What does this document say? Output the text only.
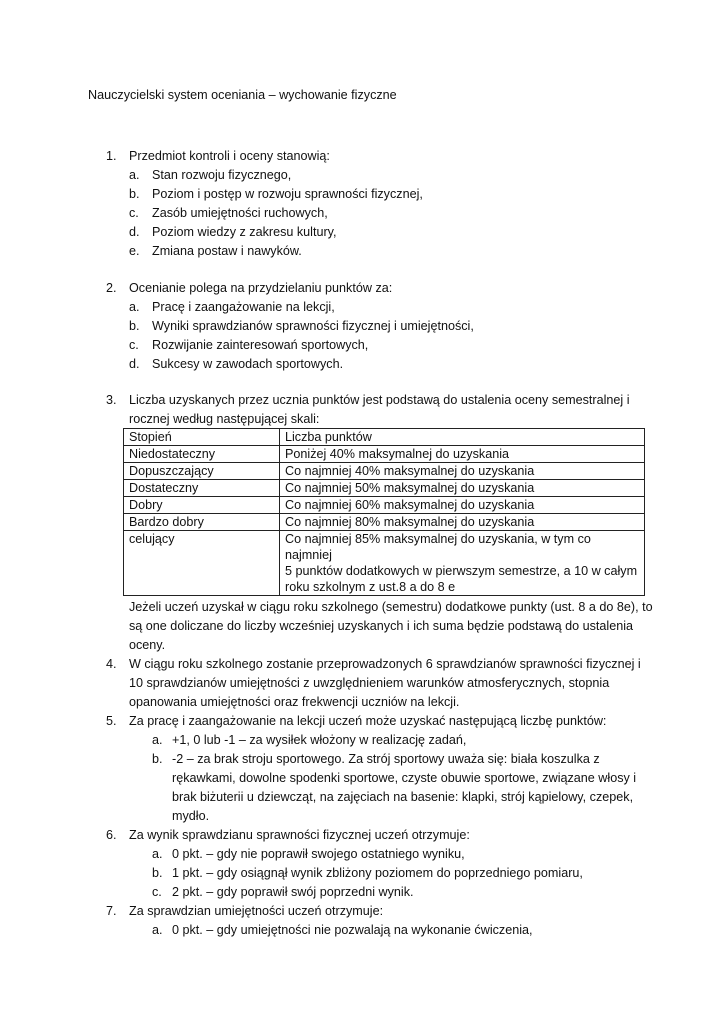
Nauczycielski system oceniania – wychowanie fizyczne
1. Przedmiot kontroli i oceny stanowią:
a. Stan rozwoju fizycznego,
b. Poziom i postęp w rozwoju sprawności fizycznej,
c. Zasób umiejętności ruchowych,
d. Poziom wiedzy z zakresu kultury,
e. Zmiana postaw i nawyków.
2. Ocenianie polega na przydzielaniu punktów za:
a. Pracę i zaangażowanie na lekcji,
b. Wyniki sprawdzianów sprawności fizycznej i umiejętności,
c. Rozwijanie zainteresowań sportowych,
d. Sukcesy w zawodach sportowych.
3. Liczba uzyskanych przez ucznia punktów jest podstawą do ustalenia oceny semestralnej i
rocznej według następującej skali:
Stopień	Liczba punktów
Niedostateczny	Poniżej 40% maksymalnej do uzyskania
Dopuszczający	Co najmniej 40% maksymalnej do uzyskania
Dostateczny	Co najmniej 50% maksymalnej do uzyskania
Dobry	Co najmniej 60% maksymalnej do uzyskania
Bardzo dobry	Co najmniej 80% maksymalnej do uzyskania
celujący	Co najmniej 85% maksymalnej do uzyskania, w tym co najmniej
5 punktów dodatkowych w pierwszym semestrze, a 10 w całym
roku szkolnym z ust.8 a do 8 e
Jeżeli uczeń uzyskał w ciągu roku szkolnego (semestru) dodatkowe punkty (ust. 8 a do 8e), to
są one doliczane do liczby wcześniej uzyskanych i ich suma będzie podstawą do ustalenia
oceny.
4. W ciągu roku szkolnego zostanie przeprowadzonych 6 sprawdzianów sprawności fizycznej i
10 sprawdzianów umiejętności z uwzględnieniem warunków atmosferycznych, stopnia
opanowania umiejętności oraz frekwencji uczniów na lekcji.
5. Za pracę i zaangażowanie na lekcji uczeń może uzyskać następującą liczbę punktów:
a. +1, 0 lub -1 – za wysiłek włożony w realizację zadań,
b. -2 – za brak stroju sportowego. Za strój sportowy uważa się: biała koszulka z
rękawkami, dowolne spodenki sportowe, czyste obuwie sportowe, związane włosy i
brak biżuterii u dziewcząt, na zajęciach na basenie: klapki, strój kąpielowy, czepek,
mydło.
6. Za wynik sprawdzianu sprawności fizycznej uczeń otrzymuje:
a. 0 pkt. – gdy nie poprawił swojego ostatniego wyniku,
b. 1 pkt. – gdy osiągnął wynik zbliżony poziomem do poprzedniego pomiaru,
c. 2 pkt. – gdy poprawił swój poprzedni wynik.
7. Za sprawdzian umiejętności uczeń otrzymuje:
a. 0 pkt. – gdy umiejętności nie pozwalają na wykonanie ćwiczenia,
